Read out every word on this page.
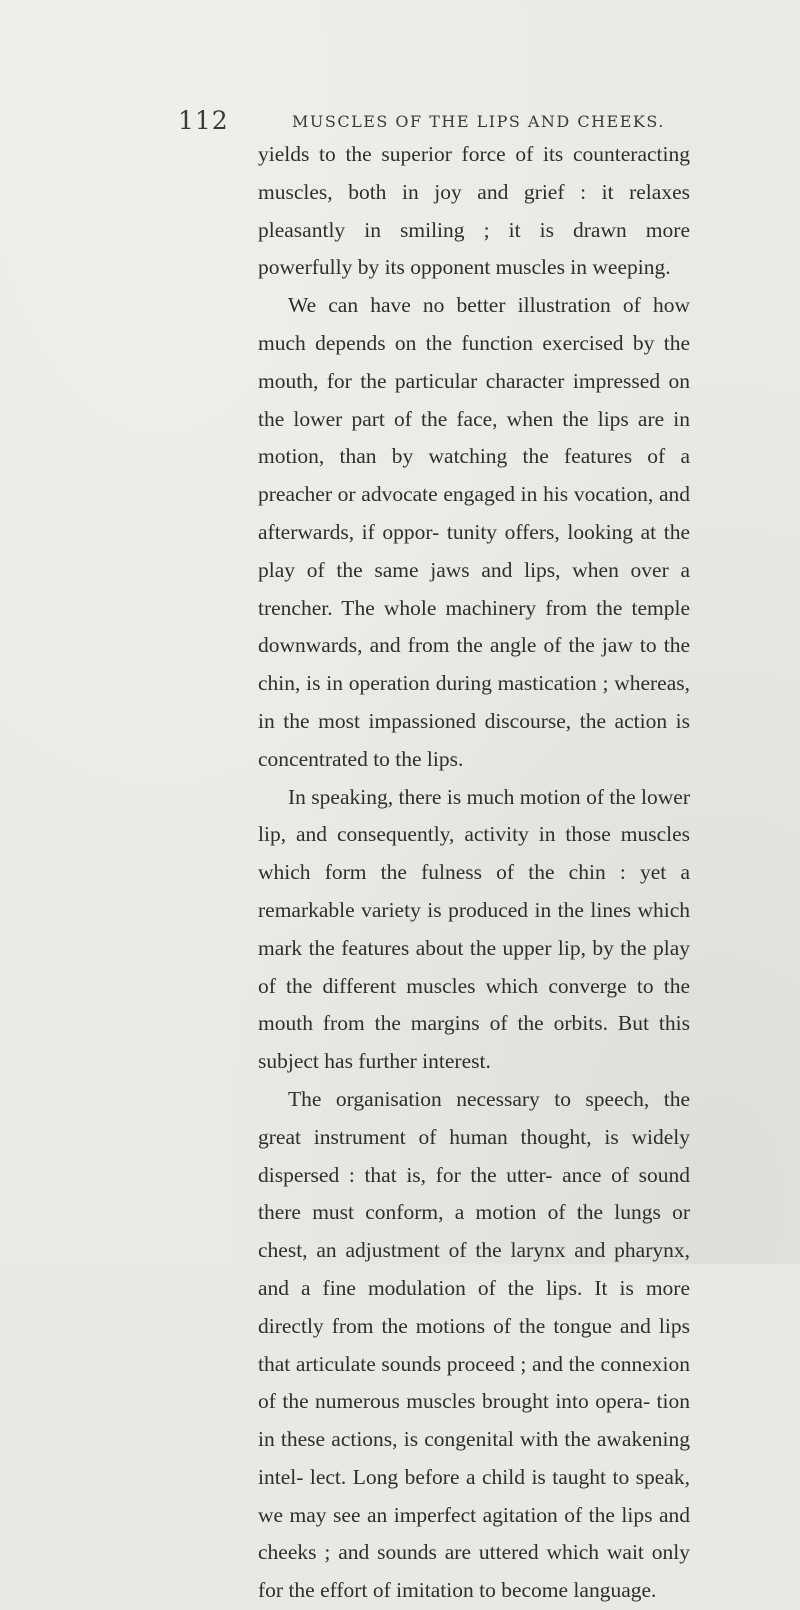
112	MUSCLES OF THE LIPS AND CHEEKS.

yields to the superior force of its counteracting muscles, both in joy and grief : it relaxes pleasantly in smiling ; it is drawn more powerfully by its opponent muscles in weeping.

We can have no better illustration of how much depends on the function exercised by the mouth, for the particular character impressed on the lower part of the face, when the lips are in motion, than by watching the features of a preacher or advocate engaged in his vocation, and afterwards, if oppor- tunity offers, looking at the play of the same jaws and lips, when over a trencher. The whole machinery from the temple downwards, and from the angle of the jaw to the chin, is in operation during mastication ; whereas, in the most impassioned discourse, the action is concentrated to the lips.

In speaking, there is much motion of the lower lip, and consequently, activity in those muscles which form the fulness of the chin : yet a remarkable variety is produced in the lines which mark the features about the upper lip, by the play of the different muscles which converge to the mouth from the margins of the orbits. But this subject has further interest.

The organisation necessary to speech, the great instrument of human thought, is widely dispersed : that is, for the utter- ance of sound there must conform, a motion of the lungs or chest, an adjustment of the larynx and pharynx, and a fine modulation of the lips. It is more directly from the motions of the tongue and lips that articulate sounds proceed ; and the connexion of the numerous muscles brought into opera- tion in these actions, is congenital with the awakening intel- lect. Long before a child is taught to speak, we may see an imperfect agitation of the lips and cheeks ; and sounds are uttered which wait only for the effort of imitation to become language.
